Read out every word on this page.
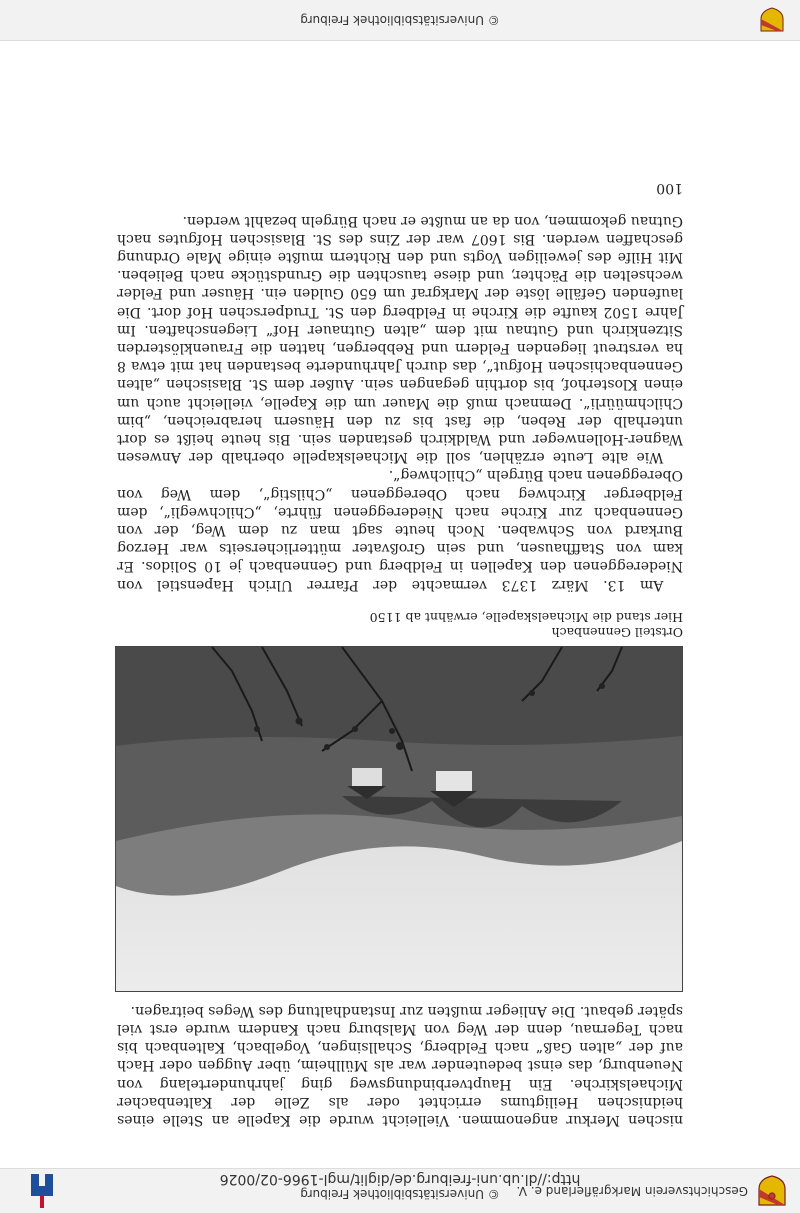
Geschichtsverein Markgräflerland e. V.
© Universitätsbibliothek Freiburg
http://dl.ub.uni-freiburg.de/diglit/mgl-1966-02/0026

nischen Merkur angenommen. Vielleicht wurde die Kapelle an Stelle eines heidnischen Heiligtums errichtet oder als Zelle der Kaltenbacher Michaelskirche. Ein Hauptverbindungsweg ging jahrhundertelang von Neuenburg, das einst bedeutender war als Müllheim, über Auggen oder Hach auf der „alten Gaß“ nach Feldberg, Schallsingen, Vogelbach, Kaltenbach bis nach Tegernau, denn der Weg von Malsburg nach Kandern wurde erst viel später gebaut. Die Anlieger mußten zur Instandhaltung des Weges beitragen.

Ortsteil Gennenbach
Hier stand die Michaelskapelle, erwähnt ab 1150

Am 13. März 1373 vermachte der Pfarrer Ulrich Hapenstiel von Niedereggenen den Kapellen in Feldberg und Gennenbach je 10 Solidos. Er kam von Staffhausen, und sein Großvater mütterlicherseits war Herzog Burkard von Schwaben. Noch heute sagt man zu dem Weg, der von Gennenbach zur Kirche nach Niedereggenen führte, „Chilchwegli“, dem Feldberger Kirchweg nach Obereggenen „Chilstig“, dem Weg von Obereggenen nach Bürgeln „Chilchweg“.

Wie alte Leute erzählen, soll die Michaelskapelle oberhalb der Anwesen Wagner-Hollenweger und Waldkirch gestanden sein. Bis heute heißt es dort unterhalb der Reben, die fast bis zu den Häusern herabreichen, „bim Chilchmüürli“. Demnach muß die Mauer um die Kapelle, vielleicht auch um einen Klosterhof, bis dorthin gegangen sein. Außer dem St. Blasischen „alten Gennenbachischen Hofgut“, das durch Jahrhunderte bestanden hat mit etwa 8 ha verstreut liegenden Feldern und Rebbergen, hatten die Frauenklösterden Sitzenkirch und Gutnau mit dem „alten Gutnauer Hof“ Liegenschaften. Im Jahre 1502 kaufte die Kirche in Feldberg den St. Trudperschen Hof dort. Die laufenden Gefälle löste der Markgraf um 650 Gulden ein. Häuser und Felder wechselten die Pächter, und diese tauschten die Grundstücke nach Belieben. Mit Hilfe des jeweiligen Vogts und den Richtern mußte einige Male Ordnung geschaffen werden. Bis 1607 war der Zins des St. Blasischen Hofgutes nach Gutnau gekommen, von da an mußte er nach Bürgeln bezahlt werden.

100
© Universitätsbibliothek Freiburg
